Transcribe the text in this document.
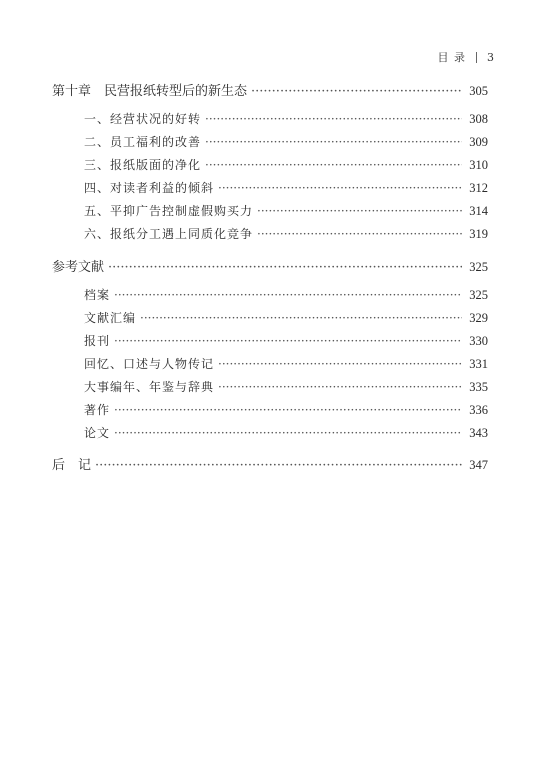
目 录 3
第十章　民营报纸转型后的新生态 ·····	305
一、经营状况的好转 ·····	308
二、员工福利的改善 ·····	309
三、报纸版面的净化 ·····	310
四、对读者利益的倾斜 ·····	312
五、平抑广告控制虚假购买力 ·····	314
六、报纸分工遇上同质化竞争 ·····	319
参考文献 ·····	325
档案 ·····	325
文献汇编 ·····	329
报刊 ·····	330
回忆、口述与人物传记 ·····	331
大事编年、年鉴与辞典 ·····	335
著作 ·····	336
论文 ·····	343
后　记 ·····	347
